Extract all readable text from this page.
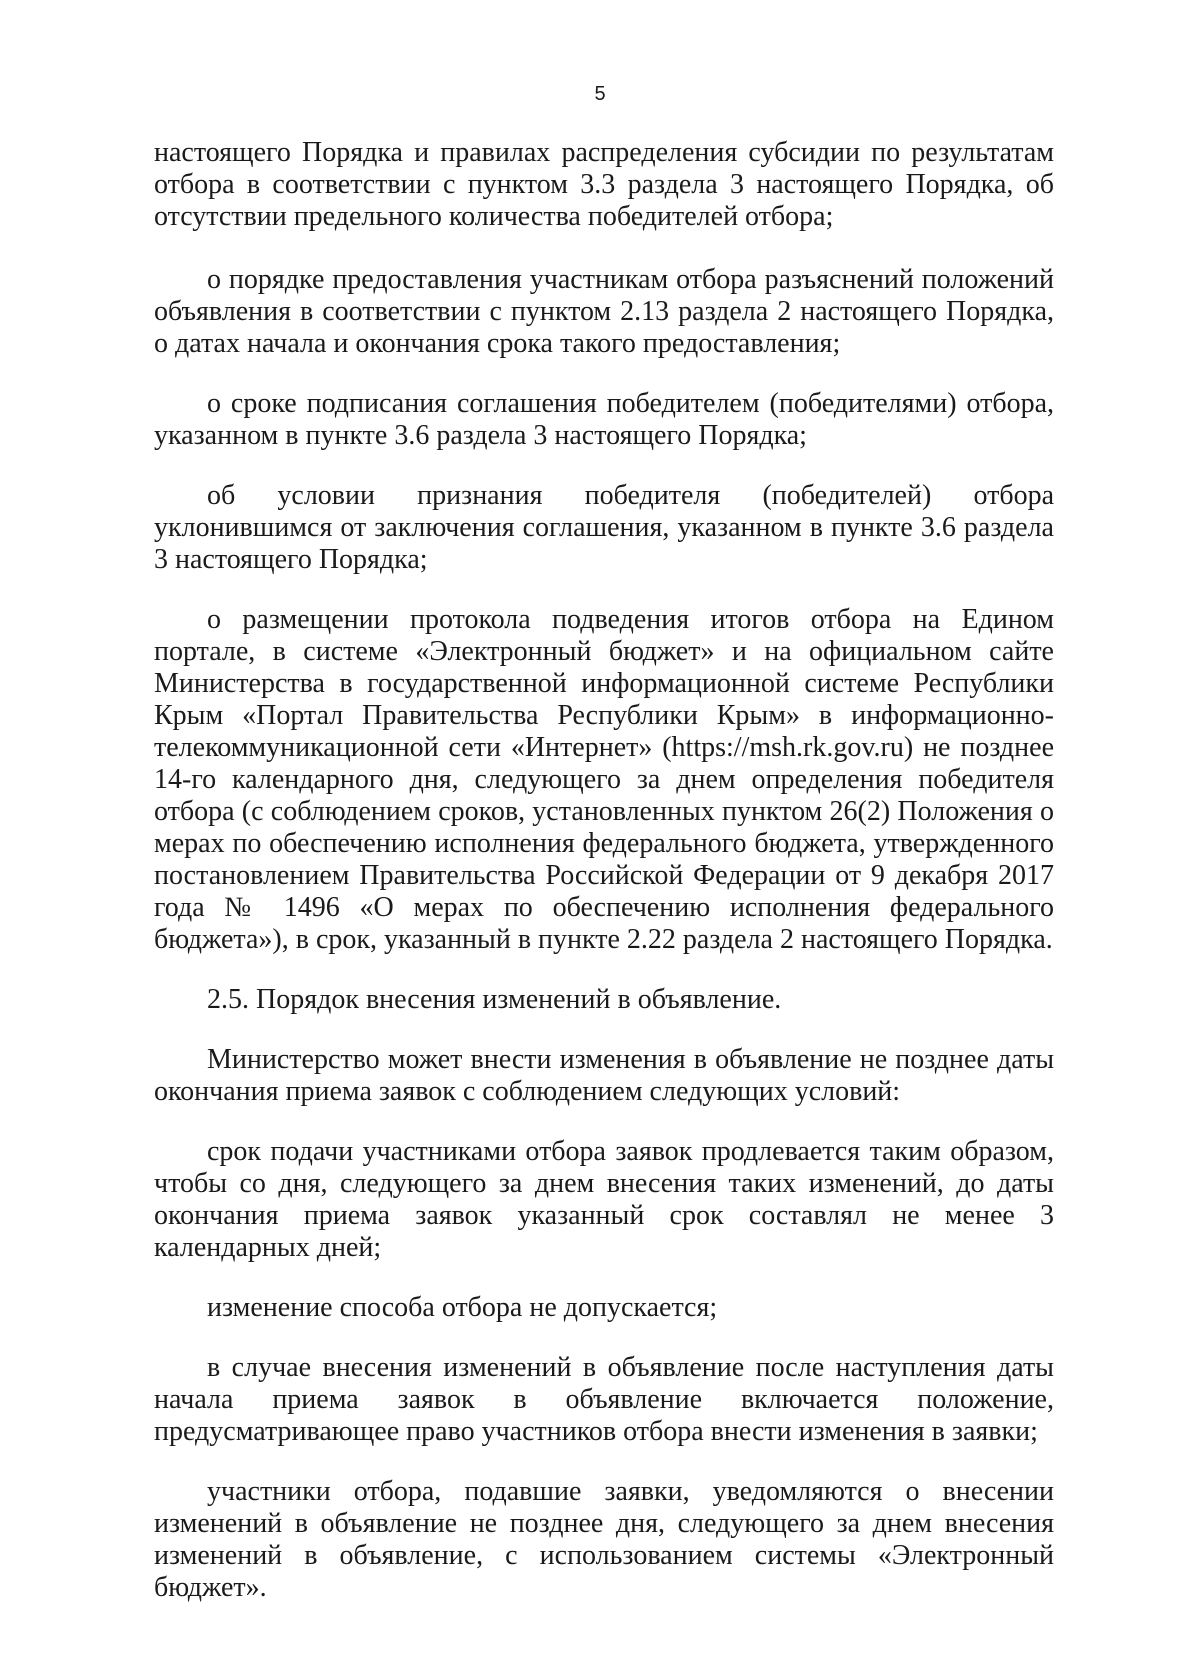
5

настоящего Порядка и правилах распределения субсидии по результатам отбора в соответствии с пунктом 3.3 раздела 3 настоящего Порядка, об отсутствии предельного количества победителей отбора;

о порядке предоставления участникам отбора разъяснений положений объявления в соответствии с пунктом 2.13 раздела 2 настоящего Порядка, о датах начала и окончания срока такого предоставления;

о сроке подписания соглашения победителем (победителями) отбора, указанном в пункте 3.6 раздела 3 настоящего Порядка;

об условии признания победителя (победителей) отбора уклонившимся от заключения соглашения, указанном в пункте 3.6 раздела 3 настоящего Порядка;

о размещении протокола подведения итогов отбора на Едином портале, в системе «Электронный бюджет» и на официальном сайте Министерства в государственной информационной системе Республики Крым «Портал Правительства Республики Крым» в информационно-телекоммуникационной сети «Интернет» (https://msh.rk.gov.ru) не позднее 14-го календарного дня, следующего за днем определения победителя отбора (с соблюдением сроков, установленных пунктом 26(2) Положения о мерах по обеспечению исполнения федерального бюджета, утвержденного постановлением Правительства Российской Федерации от 9 декабря 2017 года № 1496 «О мерах по обеспечению исполнения федерального бюджета»), в срок, указанный в пункте 2.22 раздела 2 настоящего Порядка.

2.5. Порядок внесения изменений в объявление.

Министерство может внести изменения в объявление не позднее даты окончания приема заявок с соблюдением следующих условий:

срок подачи участниками отбора заявок продлевается таким образом, чтобы со дня, следующего за днем внесения таких изменений, до даты окончания приема заявок указанный срок составлял не менее 3 календарных дней;

изменение способа отбора не допускается;

в случае внесения изменений в объявление после наступления даты начала приема заявок в объявление включается положение, предусматривающее право участников отбора внести изменения в заявки;

участники отбора, подавшие заявки, уведомляются о внесении изменений в объявление не позднее дня, следующего за днем внесения изменений в объявление, с использованием системы «Электронный бюджет».
